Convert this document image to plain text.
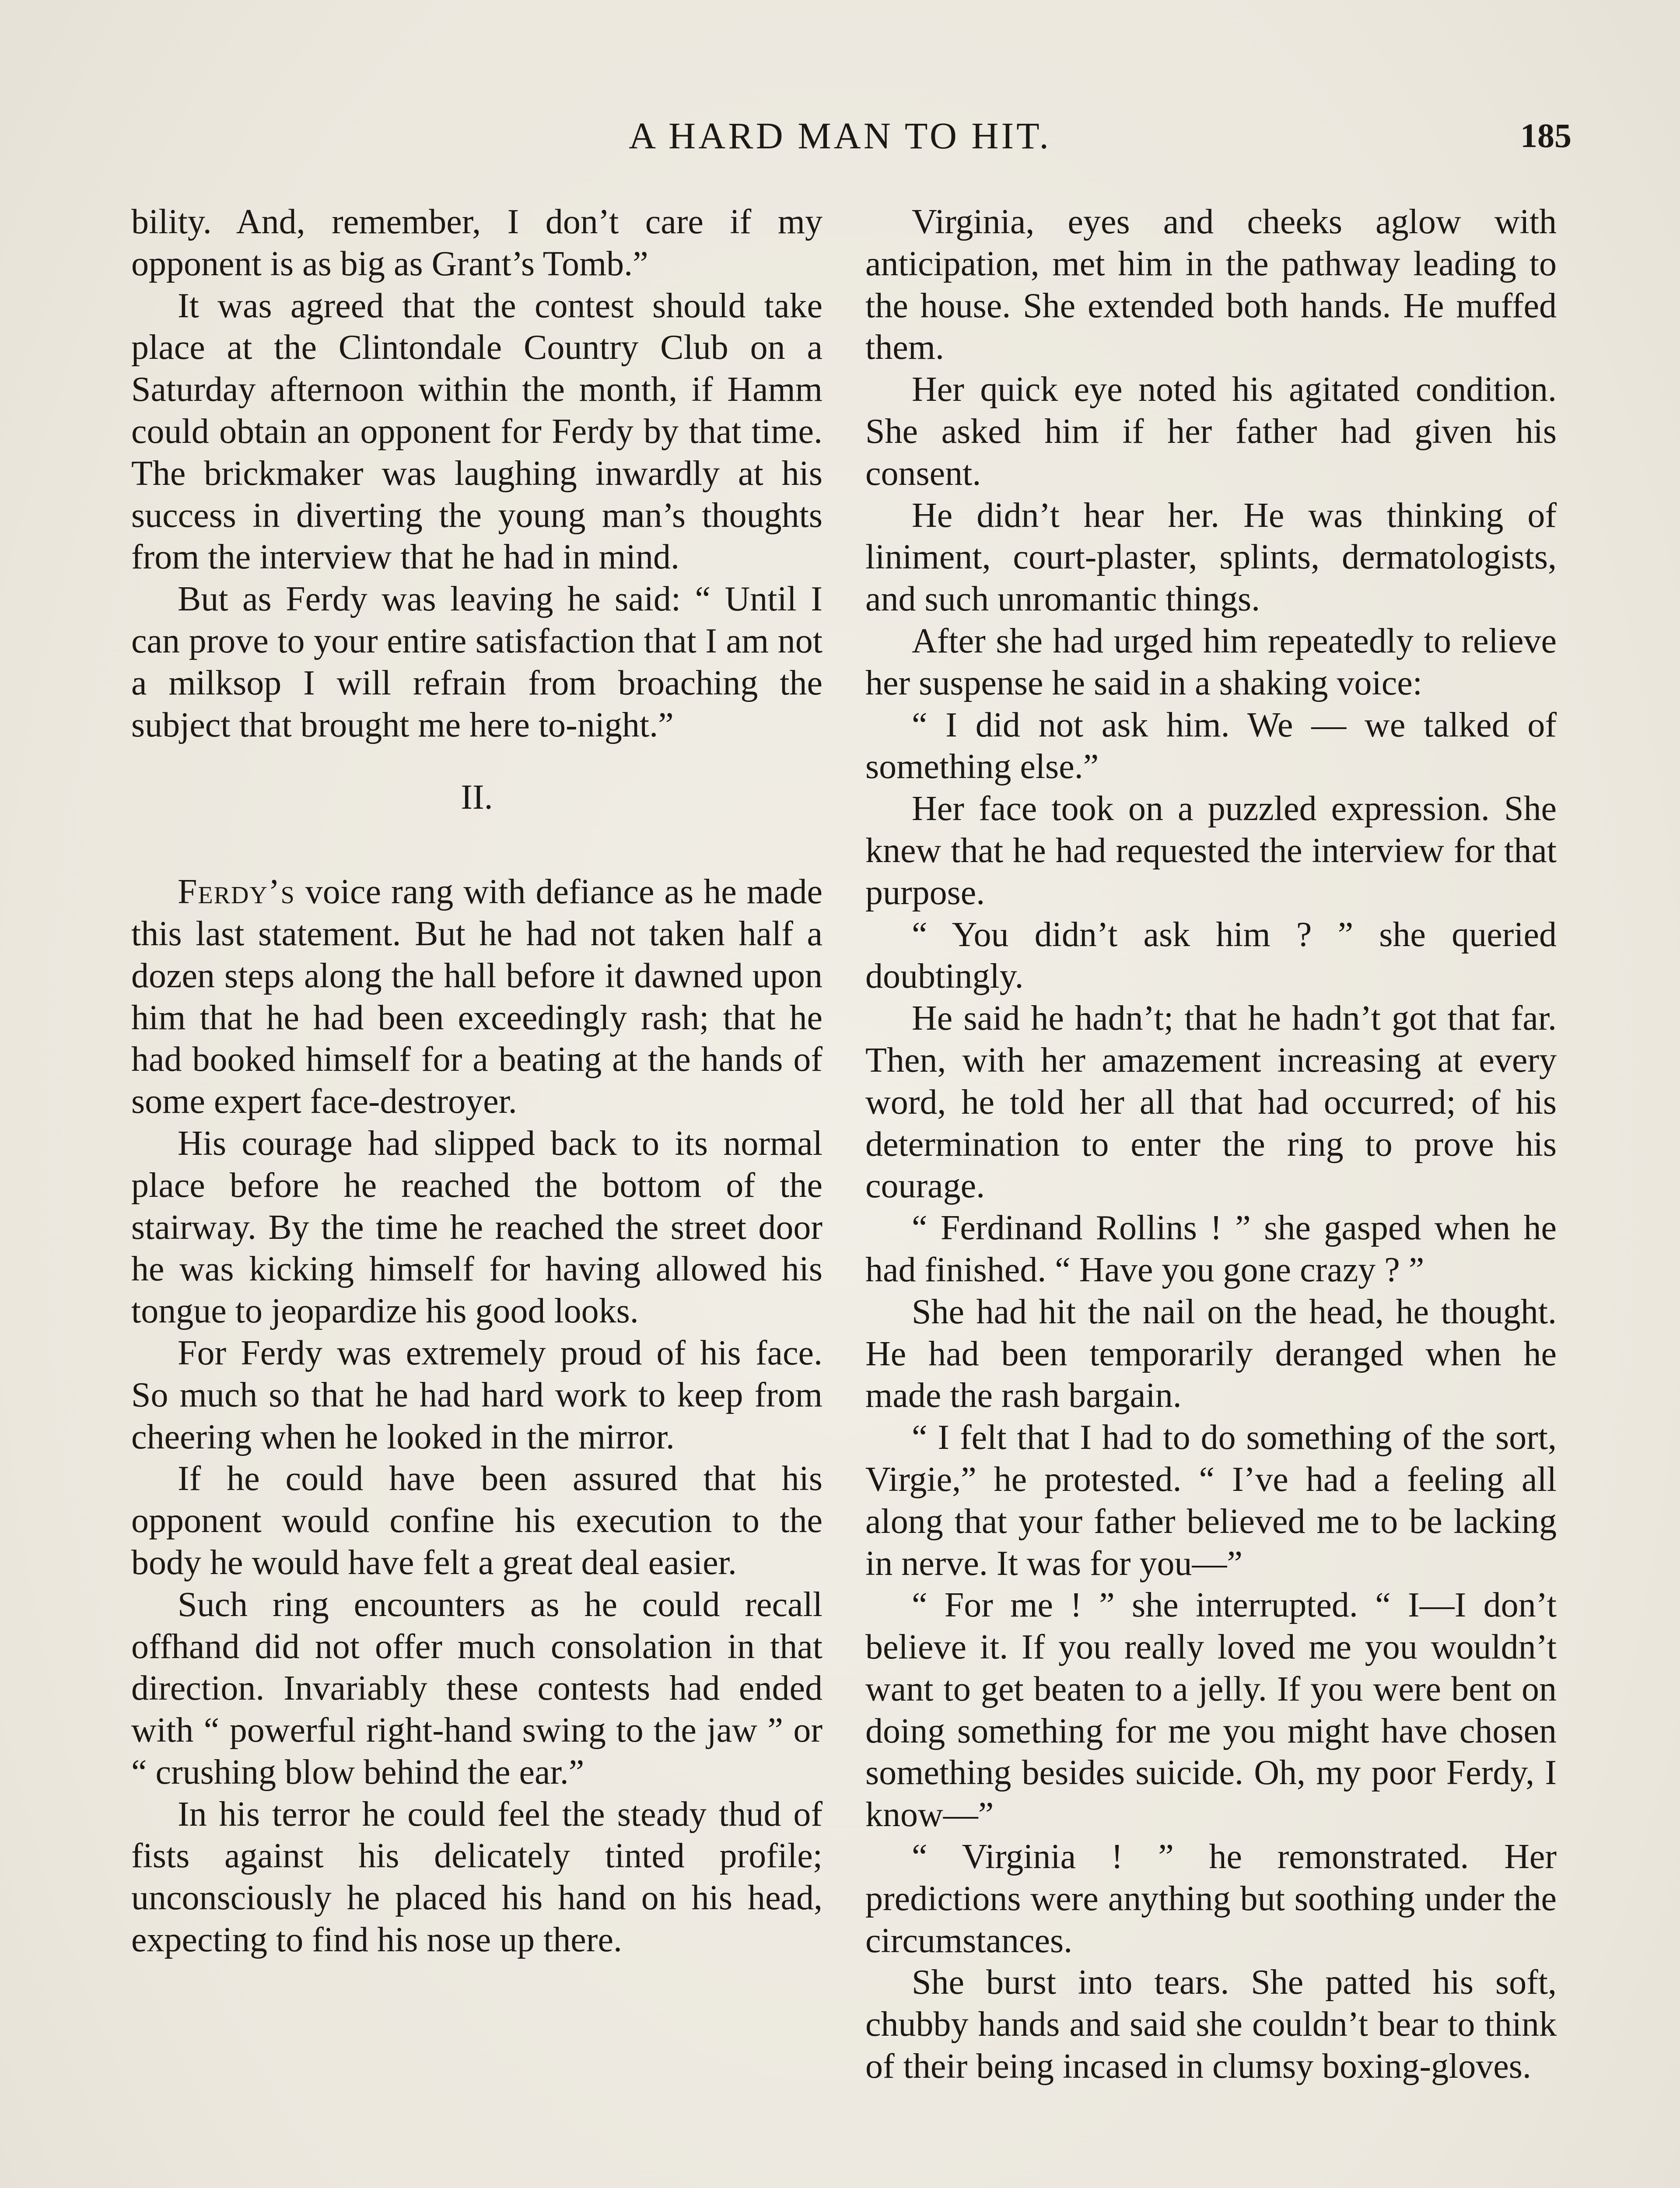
A HARD MAN TO HIT.	185

bility. And, remember, I don’t care if my opponent is as big as Grant’s Tomb.”

It was agreed that the contest should take place at the Clintondale Country Club on a Saturday afternoon within the month, if Hamm could obtain an opponent for Ferdy by that time. The brickmaker was laughing inwardly at his success in diverting the young man’s thoughts from the interview that he had in mind.

But as Ferdy was leaving he said: “ Until I can prove to your entire satisfaction that I am not a milksop I will refrain from broaching the subject that brought me here to-night.”

II.

Ferdy’s voice rang with defiance as he made this last statement. But he had not taken half a dozen steps along the hall before it dawned upon him that he had been exceedingly rash; that he had booked himself for a beating at the hands of some expert face-destroyer.

His courage had slipped back to its normal place before he reached the bottom of the stairway. By the time he reached the street door he was kicking himself for having allowed his tongue to jeopardize his good looks.

For Ferdy was extremely proud of his face. So much so that he had hard work to keep from cheering when he looked in the mirror.

If he could have been assured that his opponent would confine his execution to the body he would have felt a great deal easier.

Such ring encounters as he could recall offhand did not offer much consolation in that direction. Invariably these contests had ended with “ powerful right-hand swing to the jaw ” or “ crushing blow behind the ear.”

In his terror he could feel the steady thud of fists against his delicately tinted profile; unconsciously he placed his hand on his head, expecting to find his nose up there.

Virginia, eyes and cheeks aglow with anticipation, met him in the pathway leading to the house. She extended both hands. He muffed them.

Her quick eye noted his agitated condition. She asked him if her father had given his consent.

He didn’t hear her. He was thinking of liniment, court-plaster, splints, dermatologists, and such unromantic things.

After she had urged him repeatedly to relieve her suspense he said in a shaking voice:

“ I did not ask him. We — we talked of something else.”

Her face took on a puzzled expression. She knew that he had requested the interview for that purpose.

“ You didn’t ask him ? ” she queried doubtingly.

He said he hadn’t; that he hadn’t got that far. Then, with her amazement increasing at every word, he told her all that had occurred; of his determination to enter the ring to prove his courage.

“ Ferdinand Rollins ! ” she gasped when he had finished. “ Have you gone crazy ? ”

She had hit the nail on the head, he thought. He had been temporarily deranged when he made the rash bargain.

“ I felt that I had to do something of the sort, Virgie,” he protested. “ I’ve had a feeling all along that your father believed me to be lacking in nerve. It was for you—”

“ For me ! ” she interrupted. “ I—I don’t believe it. If you really loved me you wouldn’t want to get beaten to a jelly. If you were bent on doing something for me you might have chosen something besides suicide. Oh, my poor Ferdy, I know—”

“ Virginia ! ” he remonstrated. Her predictions were anything but soothing under the circumstances.

She burst into tears. She patted his soft, chubby hands and said she couldn’t bear to think of their being incased in clumsy boxing-gloves.
